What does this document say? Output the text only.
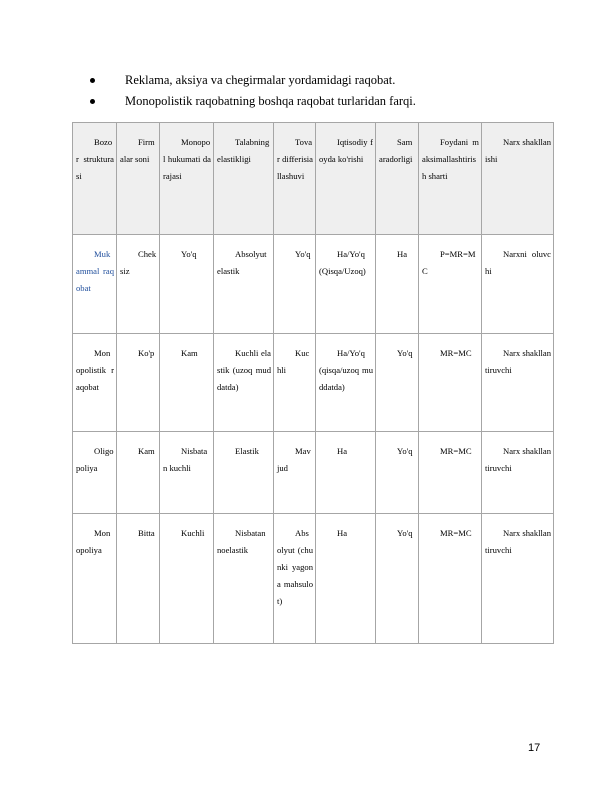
Reklama, aksiya va chegirmalar yordamidagi raqobat.
Monopolistik raqobatning boshqa raqobat turlaridan farqi.
Bozor strukturasi	Firmalar soni	Monopol hukumati darajasi	Talabning elastikligi	Tovar differisiallashuvi	Iqtisodiy foyda ko'rishi	Samaradorligi	Foydani maksimallashtirish sharti	Narx shakllanishi

Mukammal raqobat	Cheksiz	Yo'q	Absolyut elastik	Yo'q	Ha/Yo'q (Qisqa/Uzoq)	Ha	P=MR=MC	Narxni oluvchi

Monopolistik raqobat	Ko'p	Kam	Kuchli elastik (uzoq muddatda)	Kuchli	Ha/Yo'q (qisqa/uzoq muddatda)	Yo'q	MR=MC	Narx shakllantiruvchi

Oligopoliya	Kam	Nisbatan kuchli	Elastik	Mavjud	Ha	Yo'q	MR=MC	Narx shakllantiruvchi

Monopoliya	Bitta	Kuchli	Nisbatan noelastik	Absolyut (chunki yagona mahsulot)	Ha	Yo'q	MR=MC	Narx shakllantiruvchi
17
